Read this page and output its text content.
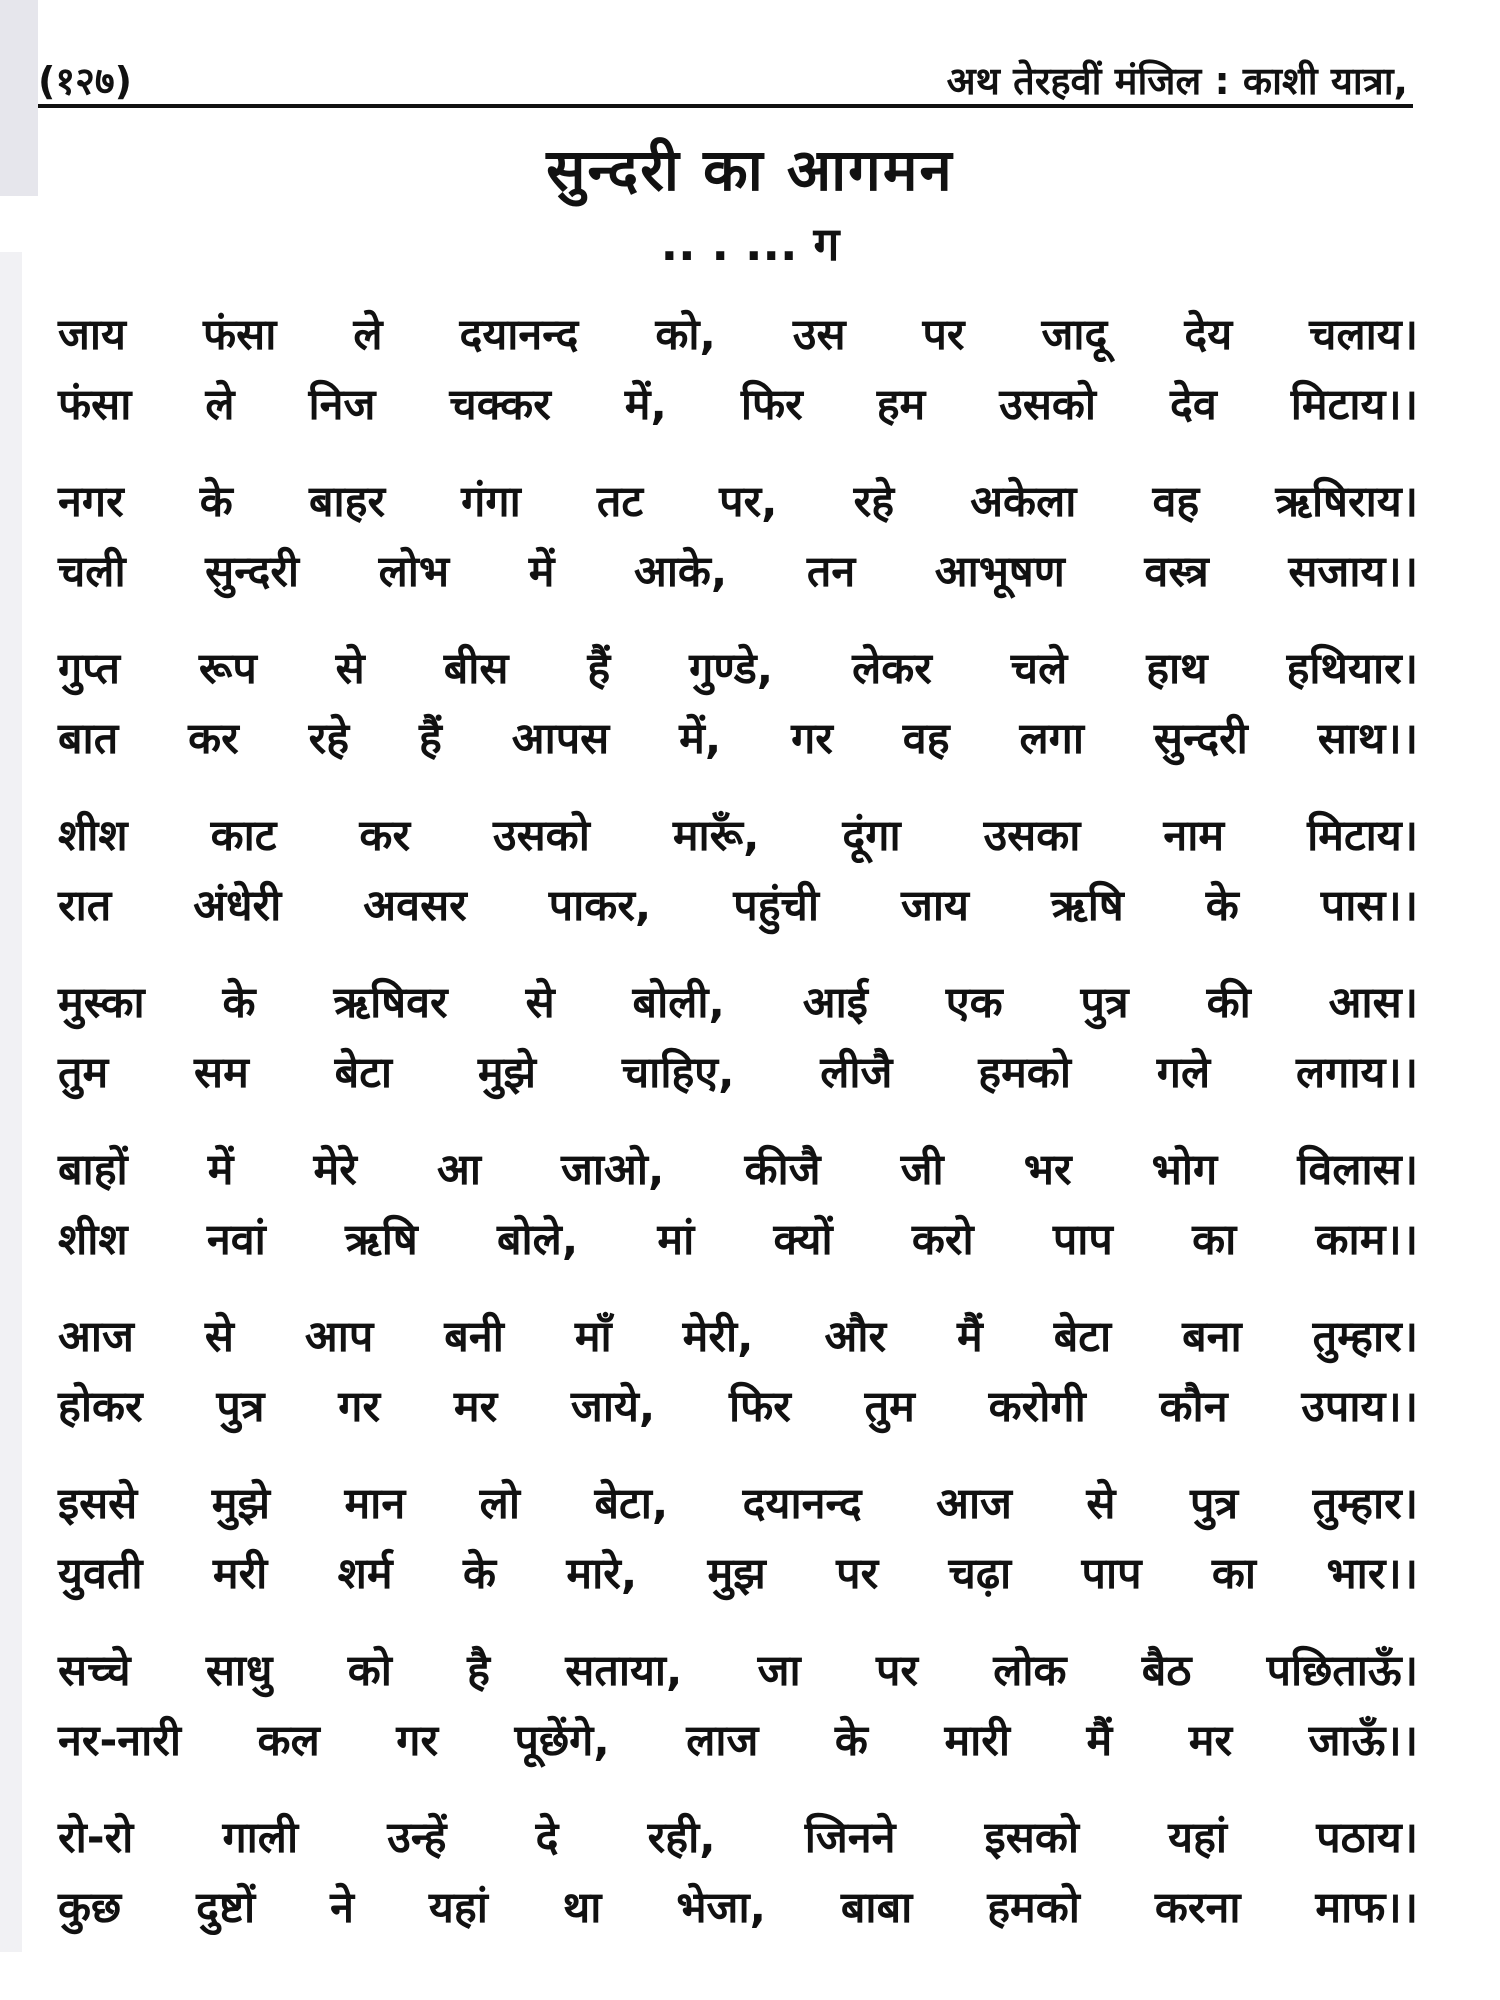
(१२७)	अथ तेरहवीं मंजिल : काशी यात्रा,
सुन्दरी का आगमन
.. . ... ग
जाय फंसा ले दयानन्द को, उस पर जादू देय चलाय।
फंसा ले निज चक्कर में, फिर हम उसको देव मिटाय।।
नगर के बाहर गंगा तट पर, रहे अकेला वह ऋषिराय।
चली सुन्दरी लोभ में आके, तन आभूषण वस्त्र सजाय।।
गुप्त रूप से बीस हैं गुण्डे, लेकर चले हाथ हथियार।
बात कर रहे हैं आपस में, गर वह लगा सुन्दरी साथ।।
शीश काट कर उसको मारूँ, दूंगा उसका नाम मिटाय।
रात अंधेरी अवसर पाकर, पहुंची जाय ऋषि के पास।।
मुस्का के ऋषिवर से बोली, आई एक पुत्र की आस।
तुम सम बेटा मुझे चाहिए, लीजै हमको गले लगाय।।
बाहों में मेरे आ जाओ, कीजै जी भर भोग विलास।
शीश नवां ऋषि बोले, मां क्यों करो पाप का काम।।
आज से आप बनी माँ मेरी, और मैं बेटा बना तुम्हार।
होकर पुत्र गर मर जाये, फिर तुम करोगी कौन उपाय।।
इससे मुझे मान लो बेटा, दयानन्द आज से पुत्र तुम्हार।
युवती मरी शर्म के मारे, मुझ पर चढ़ा पाप का भार।।
सच्चे साधु को है सताया, जा पर लोक बैठ पछिताऊँ।
नर-नारी कल गर पूछेंगे, लाज के मारी मैं मर जाऊँ।।
रो-रो गाली उन्हें दे रही, जिनने इसको यहां पठाय।
कुछ दुष्टों ने यहां था भेजा, बाबा हमको करना माफ।।
